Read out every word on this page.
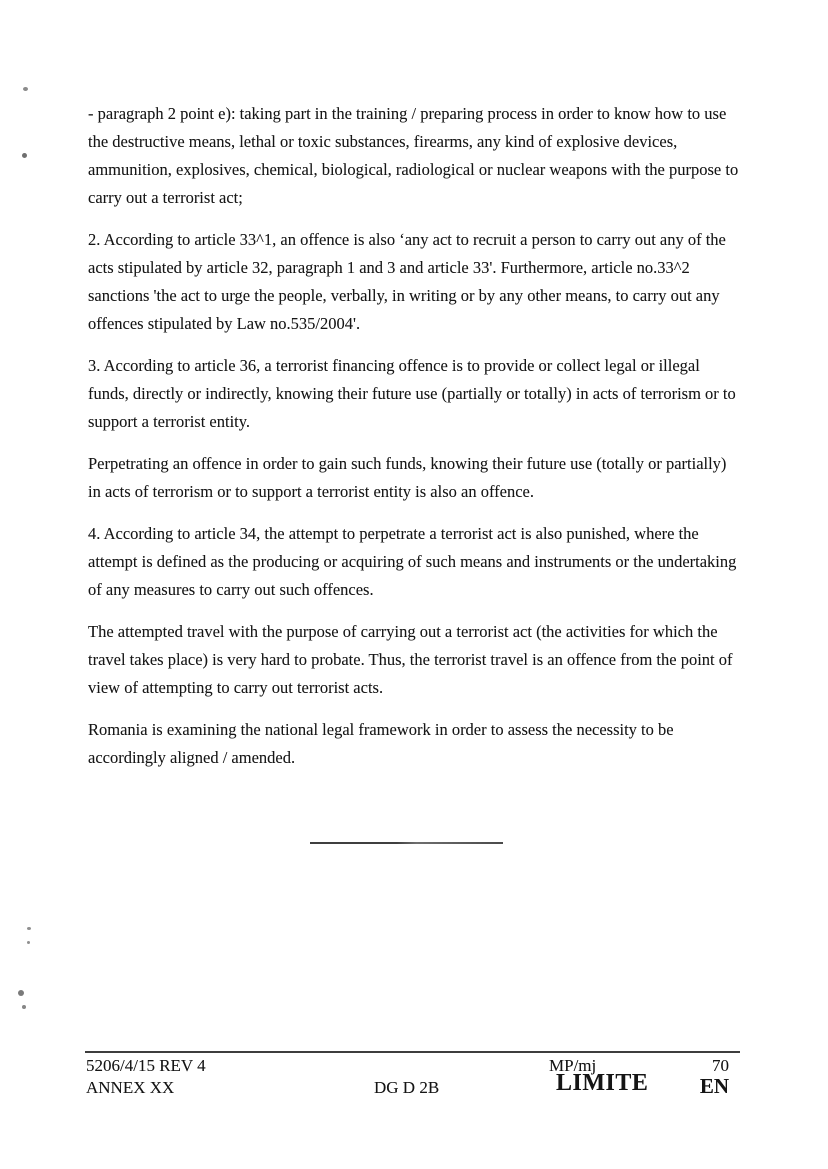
- paragraph 2 point e): taking part in the training / preparing process in order to know how to use the destructive means, lethal or toxic substances, firearms, any kind of explosive devices, ammunition, explosives, chemical, biological, radiological or nuclear weapons with the purpose to carry out a terrorist act;

2. According to article 33^1, an offence is also ‘any act to recruit a person to carry out any of the acts stipulated by article 32, paragraph 1 and 3 and article 33'. Furthermore, article no.33^2 sanctions 'the act to urge the people, verbally, in writing or by any other means, to carry out any offences stipulated by Law no.535/2004'.

3. According to article 36, a terrorist financing offence is to provide or collect legal or illegal funds, directly or indirectly, knowing their future use (partially or totally) in acts of terrorism or to support a terrorist entity.

Perpetrating an offence in order to gain such funds, knowing their future use (totally or partially) in acts of terrorism or to support a terrorist entity is also an offence.

4. According to article 34, the attempt to perpetrate a terrorist act is also punished, where the attempt is defined as the producing or acquiring of such means and instruments or the undertaking of any measures to carry out such offences.

The attempted travel with the purpose of carrying out a terrorist act (the activities for which the travel takes place) is very hard to probate. Thus, the terrorist travel is an offence from the point of view of attempting to carry out terrorist acts.

Romania is examining the national legal framework in order to assess the necessity to be accordingly aligned / amended.

5206/4/15 REV 4	MP/mj	70
ANNEX XX	DG D 2B	LIMITE EN
